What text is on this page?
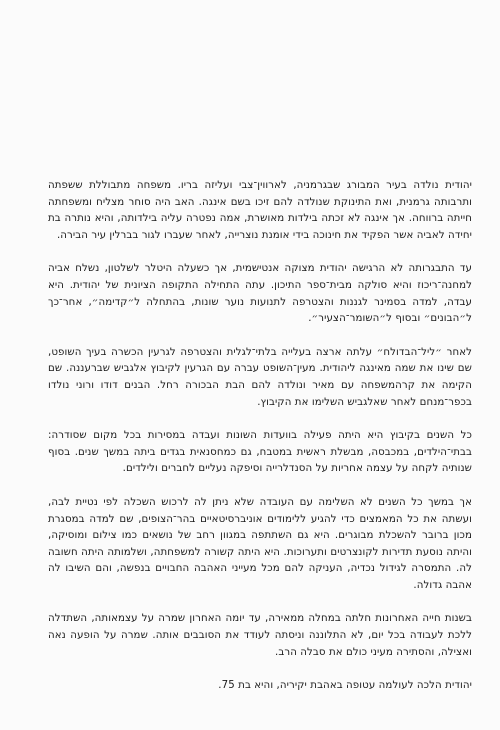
יהודית נולדה בעיר המבורג שבגרמניה, לארווין־צבי ועליזה בריו. משפחה מתבוללת ששפתה ותרבותה גרמנית, ואת התינוקת שנולדה להם זיכו בשם אינגה. האב היה סוחר מצליח ומשפחתה חייתה ברווחה. אך אינגה לא זכתה בילדות מאושרת, אמה נפטרה עליה בילדותה, והיא נותרה בת יחידה לאביה אשר הפקיד את חינוכה בידי אומנת נוצרייה, לאחר שעברו לגור בברלין עיר הבירה.

עד התבגרותה לא הרגישה יהודית מצוקה אנטישמית, אך כשעלה היטלר לשלטון, נשלח אביה למחנה־ריכוז והיא סולקה מבית־ספר התיכון. עתה התחילה התקופה הציונית של יהודית. היא עבדה, למדה בסמינר לגננות והצטרפה לתנועות נוער שונות, בהתחלה ל״קדימה״, אחר־כך ל״הבונים״ ובסוף ל״השומר־הצעיר״.

לאחר ״ליל־הבדולח״ עלתה ארצה בעלייה בלתי־לגלית והצטרפה לגרעין הכשרה בעיך השופט, שם שינו את שמה מאינגה ליהודית. מעין־השופט עברה עם הגרעין לקיבוץ אלגביש שברעננה. שם הקימה את קרהמשפחה עם מאיר ונולדה להם הבת הבכורה רחל. הבנים דודו ורוני נולדו בכפר־מנחם לאחר שאלגביש השלימו את הקיבוץ.

כל השנים בקיבוץ היא היתה פעילה בוועדות השונות ועבדה במסירות בכל מקום שסודרה: בבתי־הילדים, במכבסה, מבשלת ראשית במטבח, גם כמחסנאית בגדים ביתה במשך שנים. בסוף שנותיה לקחה על עצמה אחריות על הסנדלרייה וסיפקה נעליים לחברים ולילדים.

אך במשך כל השנים לא השלימה עם העובדה שלא ניתן לה לרכוש השכלה לפי נטיית לבה, ועשתה את כל המאמצים כדי להגיע ללימודים אוניברסיטאיים בהר־הצופים, שם למדה במסגרת מכון ברובר להשכלת מבוגרים. היא גם השתתפה במגוון רחב של נושאים כמו צילום ומוסיקה, והיתה נוסעת תדירות לקונצרטים ותערוכות. היא היתה קשורה למשפחתה, ושלמותה היתה חשובה לה. התמסרה לגידול נכדיה, העניקה להם מכל מעייני האהבה החבויים בנפשה, והם השיבו לה אהבה גדולה.

בשנות חייה האחרונות חלתה במחלה ממאירה, עד יומה האחרון שמרה על עצמאותה, השתדלה ללכת לעבודה בכל יום, לא התלוננה וניסתה לעודד את הסובבים אותה. שמרה על הופעה נאה ואצילה, והסתירה מעיני כולם את סבלה הרב.

יהודית הלכה לעולמה עטופה באהבת יקיריה, והיא בת 75.
